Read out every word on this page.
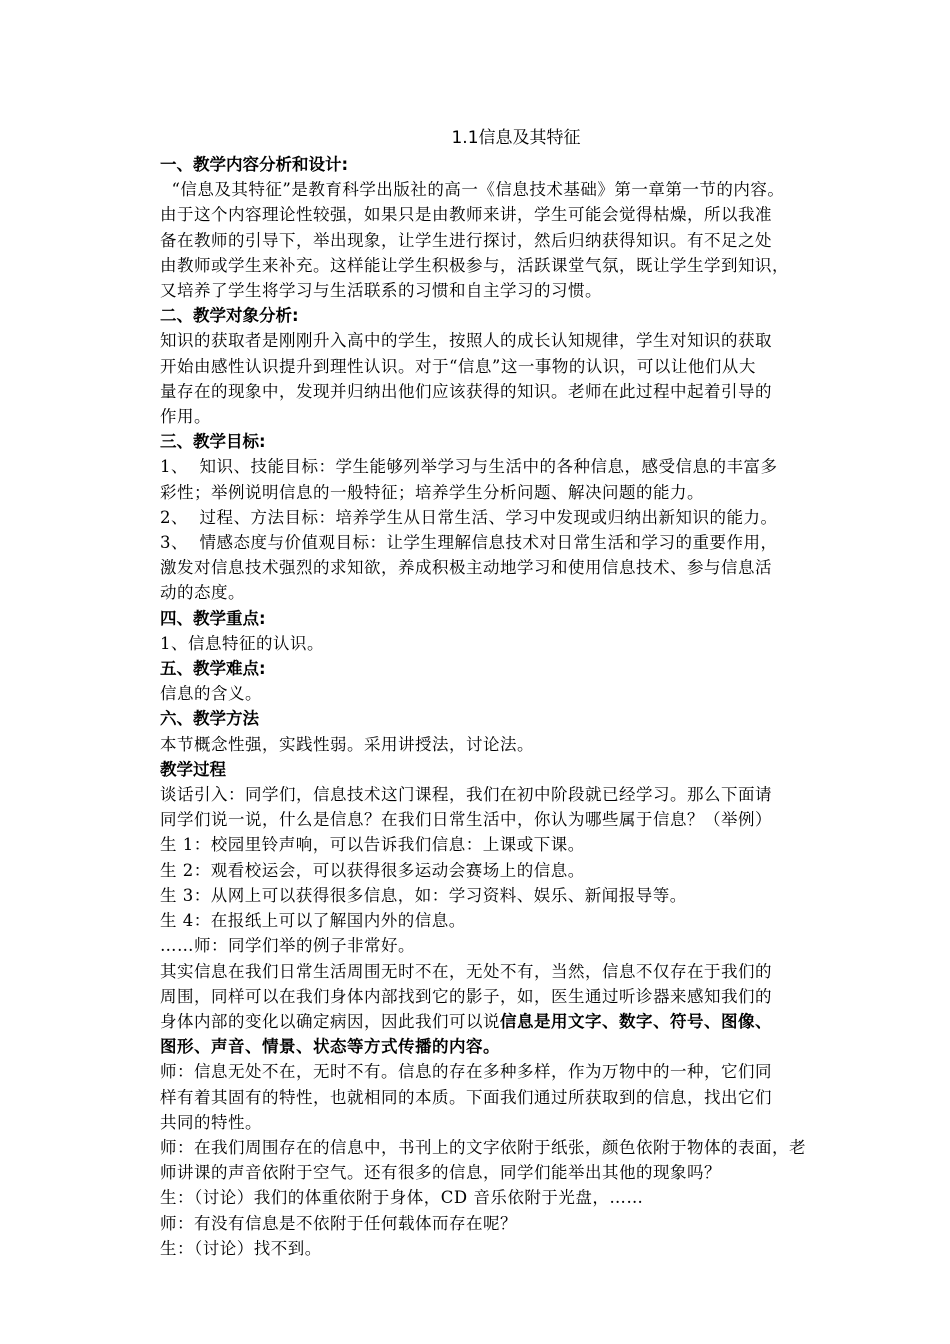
1.1信息及其特征
一、教学内容分析和设计:
“信息及其特征”是教育科学出版社的高一《信息技术基础》第一章第一节的内容。
由于这个内容理论性较强，如果只是由教师来讲，学生可能会觉得枯燥，所以我准
备在教师的引导下，举出现象，让学生进行探讨，然后归纳获得知识。有不足之处
由教师或学生来补充。这样能让学生积极参与，活跃课堂气氛，既让学生学到知识，
又培养了学生将学习与生活联系的习惯和自主学习的习惯。
二、教学对象分析:
知识的获取者是刚刚升入高中的学生，按照人的成长认知规律，学生对知识的获取
开始由感性认识提升到理性认识。对于“信息”这一事物的认识，可以让他们从大
量存在的现象中，发现并归纳出他们应该获得的知识。老师在此过程中起着引导的
作用。
三、教学目标:
1、  知识、技能目标：学生能够列举学习与生活中的各种信息，感受信息的丰富多
彩性；举例说明信息的一般特征；培养学生分析问题、解决问题的能力。
2、  过程、方法目标：培养学生从日常生活、学习中发现或归纳出新知识的能力。
3、  情感态度与价值观目标：让学生理解信息技术对日常生活和学习的重要作用，
激发对信息技术强烈的求知欲，养成积极主动地学习和使用信息技术、参与信息活
动的态度。
四、教学重点:
1、信息特征的认识。
五、教学难点:
信息的含义。
六、教学方法
本节概念性强，实践性弱。采用讲授法，讨论法。
教学过程
谈话引入：同学们，信息技术这门课程，我们在初中阶段就已经学习。那么下面请
同学们说一说，什么是信息？在我们日常生活中，你认为哪些属于信息？（举例）
生 1：校园里铃声响，可以告诉我们信息：上课或下课。
生 2：观看校运会，可以获得很多运动会赛场上的信息。
生 3：从网上可以获得很多信息，如：学习资料、娱乐、新闻报导等。
生 4：在报纸上可以了解国内外的信息。
……师：同学们举的例子非常好。
其实信息在我们日常生活周围无时不在，无处不有，当然，信息不仅存在于我们的
周围，同样可以在我们身体内部找到它的影子，如，医生通过听诊器来感知我们的
身体内部的变化以确定病因，因此我们可以说信息是用文字、数字、符号、图像、
图形、声音、情景、状态等方式传播的内容。
师：信息无处不在，无时不有。信息的存在多种多样，作为万物中的一种，它们同
样有着其固有的特性，也就相同的本质。下面我们通过所获取到的信息，找出它们
共同的特性。
师：在我们周围存在的信息中，书刊上的文字依附于纸张，颜色依附于物体的表面，老
师讲课的声音依附于空气。还有很多的信息，同学们能举出其他的现象吗？
生：（讨论）我们的体重依附于身体，CD 音乐依附于光盘，……
师：有没有信息是不依附于任何载体而存在呢？
生：（讨论）找不到。
